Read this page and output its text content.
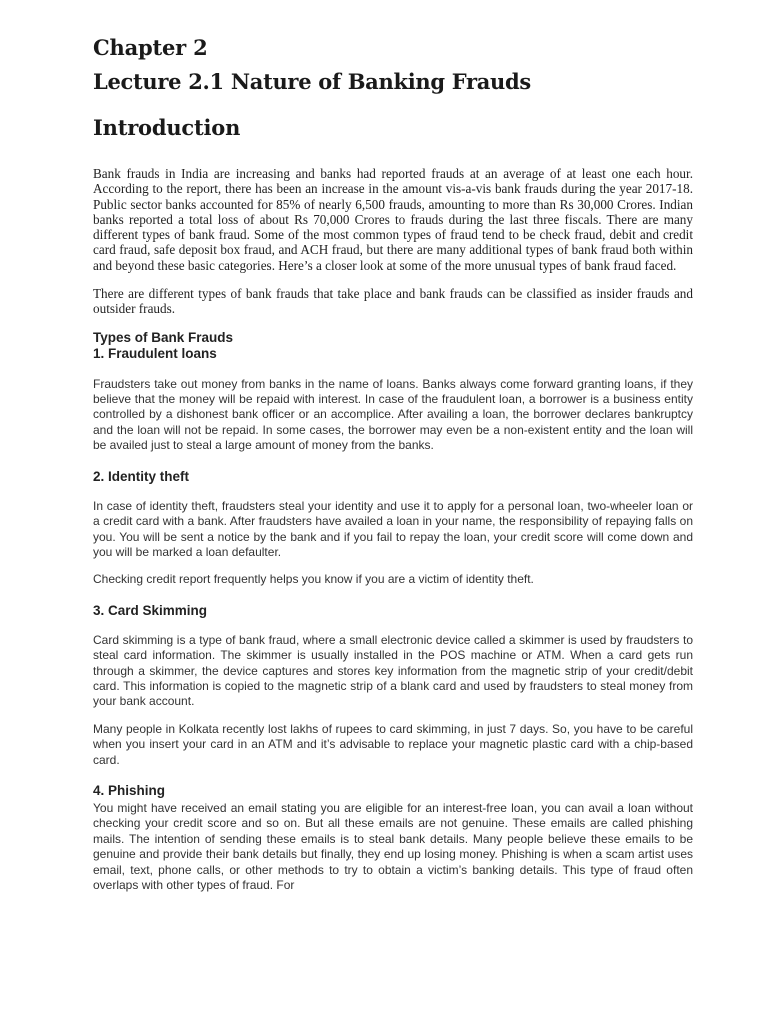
Chapter 2
Lecture 2.1 Nature of Banking Frauds
Introduction

Bank frauds in India are increasing and banks had reported frauds at an average of at least one each hour. According to the report, there has been an increase in the amount vis-a-vis bank frauds during the year 2017-18. Public sector banks accounted for 85% of nearly 6,500 frauds, amounting to more than Rs 30,000 Crores. Indian banks reported a total loss of about Rs 70,000 Crores to frauds during the last three fiscals. There are many different types of bank fraud. Some of the most common types of fraud tend to be check fraud, debit and credit card fraud, safe deposit box fraud, and ACH fraud, but there are many additional types of bank fraud both within and beyond these basic categories. Here’s a closer look at some of the more unusual types of bank fraud faced.

There are different types of bank frauds that take place and bank frauds can be classified as insider frauds and outsider frauds.

Types of Bank Frauds
1. Fraudulent loans

Fraudsters take out money from banks in the name of loans. Banks always come forward granting loans, if they believe that the money will be repaid with interest. In case of the fraudulent loan, a borrower is a business entity controlled by a dishonest bank officer or an accomplice. After availing a loan, the borrower declares bankruptcy and the loan will not be repaid. In some cases, the borrower may even be a non-existent entity and the loan will be availed just to steal a large amount of money from the banks.

2. Identity theft

In case of identity theft, fraudsters steal your identity and use it to apply for a personal loan, two-wheeler loan or a credit card with a bank. After fraudsters have availed a loan in your name, the responsibility of repaying falls on you. You will be sent a notice by the bank and if you fail to repay the loan, your credit score will come down and you will be marked a loan defaulter.

Checking credit report frequently helps you know if you are a victim of identity theft.

3. Card Skimming

Card skimming is a type of bank fraud, where a small electronic device called a skimmer is used by fraudsters to steal card information. The skimmer is usually installed in the POS machine or ATM. When a card gets run through a skimmer, the device captures and stores key information from the magnetic strip of your credit/debit card. This information is copied to the magnetic strip of a blank card and used by fraudsters to steal money from your bank account.

Many people in Kolkata recently lost lakhs of rupees to card skimming, in just 7 days. So, you have to be careful when you insert your card in an ATM and it’s advisable to replace your magnetic plastic card with a chip-based card.

4. Phishing

You might have received an email stating you are eligible for an interest-free loan, you can avail a loan without checking your credit score and so on. But all these emails are not genuine. These emails are called phishing mails. The intention of sending these emails is to steal bank details. Many people believe these emails to be genuine and provide their bank details but finally, they end up losing money. Phishing is when a scam artist uses email, text, phone calls, or other methods to try to obtain a victim’s banking details. This type of fraud often overlaps with other types of fraud. For
